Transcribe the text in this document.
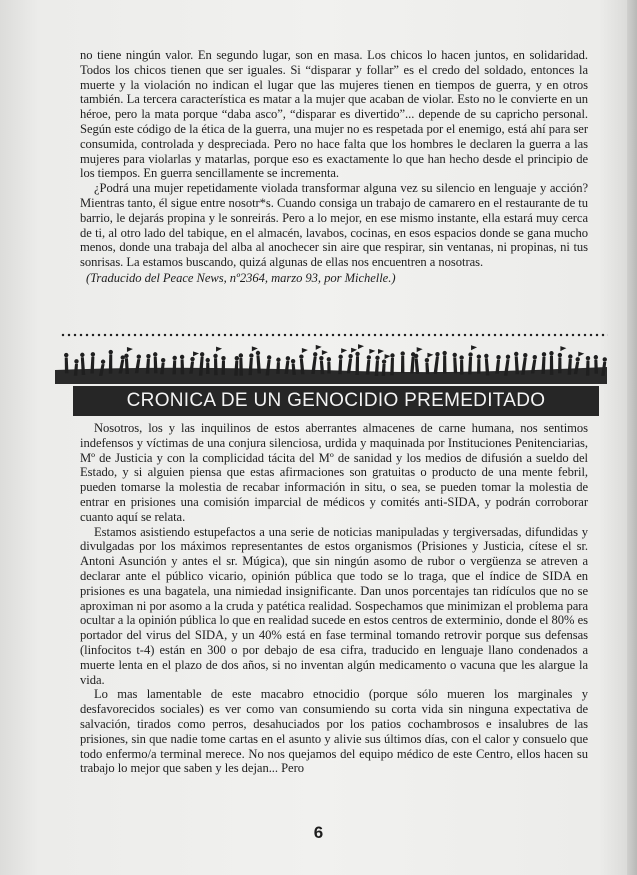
no tiene ningún valor. En segundo lugar, son en masa. Los chicos lo hacen juntos, en solidaridad. Todos los chicos tienen que ser iguales. Si “disparar y follar” es el credo del soldado, entonces la muerte y la violación no indican el lugar que las mujeres tienen en tiempos de guerra, y en otros también. La tercera característica es matar a la mujer que acaban de violar. Esto no le convierte en un héroe, pero la mata porque “daba asco”, “disparar es divertido”... depende de su capricho personal. Según este código de la ética de la guerra, una mujer no es respetada por el enemigo, está ahí para ser consumida, controlada y despreciada. Pero no hace falta que los hombres le declaren la guerra a las mujeres para violarlas y matarlas, porque eso es exactamente lo que han hecho desde el principio de los tiempos. En guerra sencillamente se incrementa.

¿Podrá una mujer repetidamente violada transformar alguna vez su silencio en lenguaje y acción? Mientras tanto, él sigue entre nosotr*s. Cuando consiga un trabajo de camarero en el restaurante de tu barrio, le dejarás propina y le sonreirás. Pero a lo mejor, en ese mismo instante, ella estará muy cerca de ti, al otro lado del tabique, en el almacén, lavabos, cocinas, en esos espacios donde se gana mucho menos, donde una trabaja del alba al anochecer sin aire que respirar, sin ventanas, ni propinas, ni tus sonrisas. La estamos buscando, quizá algunas de ellas nos encuentren a nosotras.

(Traducido del Peace News, nº2364, marzo 93, por Michelle.)

CRONICA DE UN GENOCIDIO PREMEDITADO

Nosotros, los y las inquilinos de estos aberrantes almacenes de carne humana, nos sentimos indefensos y víctimas de una conjura silenciosa, urdida y maquinada por Instituciones Penitenciarias, Mº de Justicia y con la complicidad tácita del Mº de sanidad y los medios de difusión a sueldo del Estado, y si alguien piensa que estas afirmaciones son gratuitas o producto de una mente febril, pueden tomarse la molestia de recabar información in situ, o sea, se pueden tomar la molestia de entrar en prisiones una comisión imparcial de médicos y comités anti-SIDA, y podrán corroborar cuanto aquí se relata.

Estamos asistiendo estupefactos a una serie de noticias manipuladas y tergiversadas, difundidas y divulgadas por los máximos representantes de estos organismos (Prisiones y Justicia, cítese el sr. Antoni Asunción y antes el sr. Múgica), que sin ningún asomo de rubor o vergüenza se atreven a declarar ante el público vicario, opinión pública que todo se lo traga, que el índice de SIDA en prisiones es una bagatela, una nimiedad insignificante. Dan unos porcentajes tan ridículos que no se aproximan ni por asomo a la cruda y patética realidad. Sospechamos que minimizan el problema para ocultar a la opinión pública lo que en realidad sucede en estos centros de exterminio, donde el 80% es portador del virus del SIDA, y un 40% está en fase terminal tomando retrovir porque sus defensas (linfocitos t-4) están en 300 o por debajo de esa cifra, traducido en lenguaje llano condenados a muerte lenta en el plazo de dos años, si no inventan algún medicamento o vacuna que les alargue la vida.

Lo mas lamentable de este macabro etnocidio (porque sólo mueren los marginales y desfavorecidos sociales) es ver como van consumiendo su corta vida sin ninguna expectativa de salvación, tirados como perros, desahuciados por los patios cochambrosos e insalubres de las prisiones, sin que nadie tome cartas en el asunto y alivie sus últimos días, con el calor y consuelo que todo enfermo/a terminal merece. No nos quejamos del equipo médico de este Centro, ellos hacen su trabajo lo mejor que saben y les dejan... Pero

6
